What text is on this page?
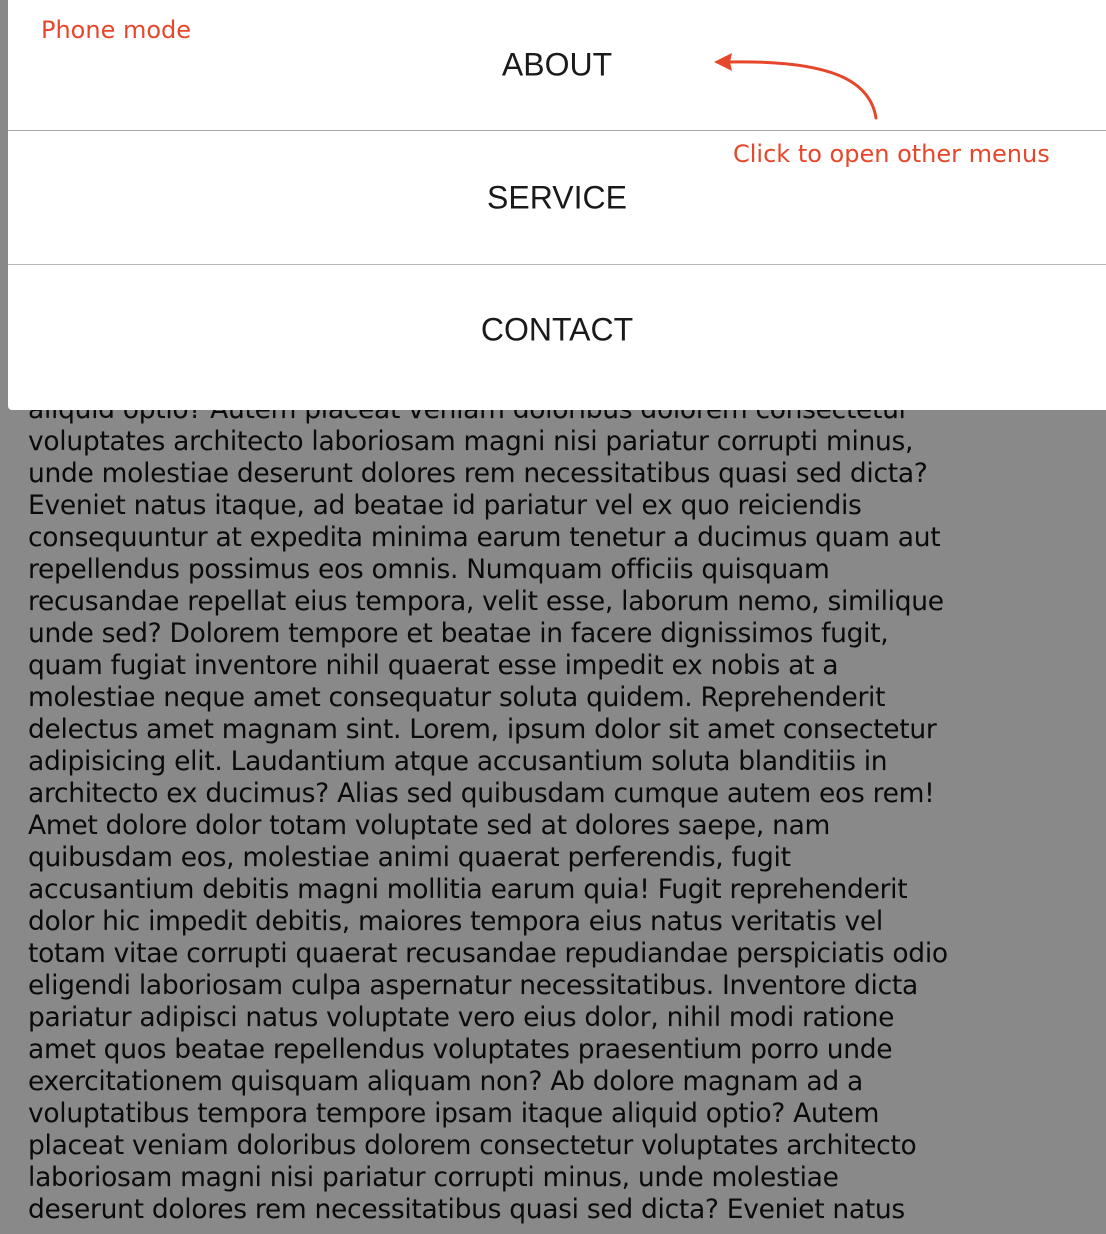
voluptates architecto laboriosam magni nisi pariatur corrupti minus,
unde molestiae deserunt dolores rem necessitatibus quasi sed dicta?
Eveniet natus itaque, ad beatae id pariatur vel ex quo reiciendis
consequuntur at expedita minima earum tenetur a ducimus quam aut
repellendus possimus eos omnis. Numquam officiis quisquam
recusandae repellat eius tempora, velit esse, laborum nemo, similique
unde sed? Dolorem tempore et beatae in facere dignissimos fugit,
quam fugiat inventore nihil quaerat esse impedit ex nobis at a
molestiae neque amet consequatur soluta quidem. Reprehenderit
delectus amet magnam sint. Lorem, ipsum dolor sit amet consectetur
adipisicing elit. Laudantium atque accusantium soluta blanditiis in
architecto ex ducimus? Alias sed quibusdam cumque autem eos rem!
Amet dolore dolor totam voluptate sed at dolores saepe, nam
quibusdam eos, molestiae animi quaerat perferendis, fugit
accusantium debitis magni mollitia earum quia! Fugit reprehenderit
dolor hic impedit debitis, maiores tempora eius natus veritatis vel
totam vitae corrupti quaerat recusandae repudiandae perspiciatis odio
eligendi laboriosam culpa aspernatur necessitatibus. Inventore dicta
pariatur adipisci natus voluptate vero eius dolor, nihil modi ratione
amet quos beatae repellendus voluptates praesentium porro unde
exercitationem quisquam aliquam non? Ab dolore magnam ad a
voluptatibus tempora tempore ipsam itaque aliquid optio? Autem
placeat veniam doloribus dolorem consectetur voluptates architecto
laboriosam magni nisi pariatur corrupti minus, unde molestiae
deserunt dolores rem necessitatibus quasi sed dicta? Eveniet natus
ABOUT
SERVICE
CONTACT
Phone mode
Click to open other menus
